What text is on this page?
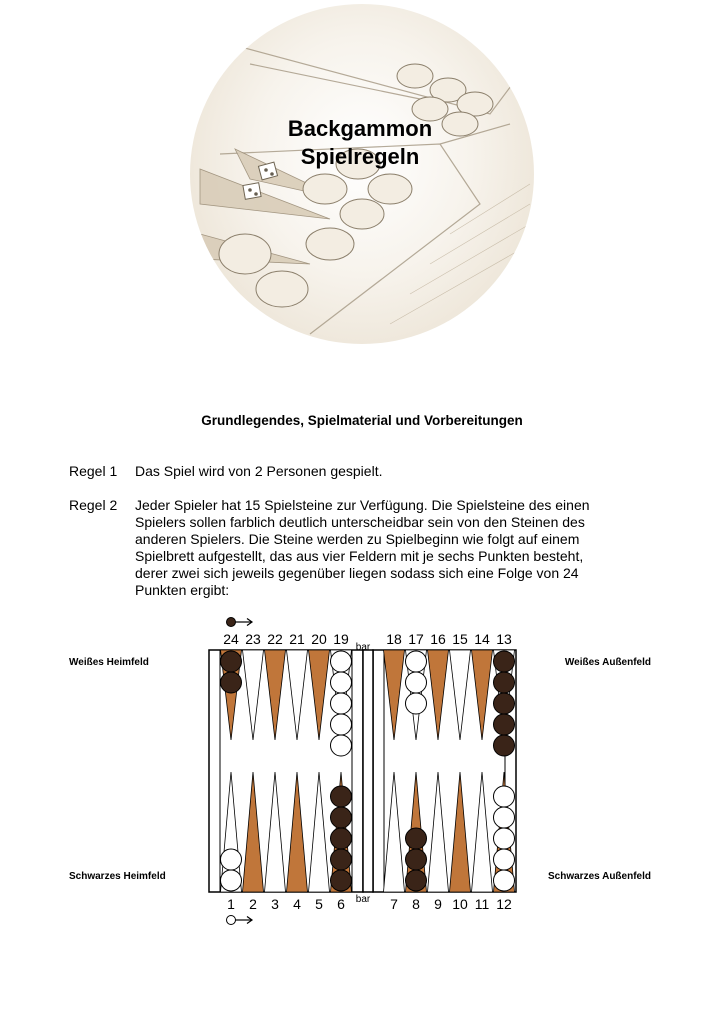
Backgammon
Spielregeln
Grundlegendes, Spielmaterial und Vorbereitungen
Regel 1 Das Spiel wird von 2 Personen gespielt.
Regel 2 Jeder Spieler hat 15 Spielsteine zur Verfügung. Die Spielsteine des einen
Spielers sollen farblich deutlich unterscheidbar sein von den Steinen des
anderen Spielers. Die Steine werden zu Spielbeginn wie folgt auf einem
Spielbrett aufgestellt, das aus vier Feldern mit je sechs Punkten besteht,
derer zwei sich jeweils gegenüber liegen sodass sich eine Folge von 24
Punkten ergibt:
Weißes Heimfeld	Weißes Außenfeld
Schwarzes Heimfeld	Schwarzes Außenfeld
24 23 22 21 20 19	18 17 16 15 14 13
1 2 3 4 5 6	7 8 9 10 11 12
bar
bar
